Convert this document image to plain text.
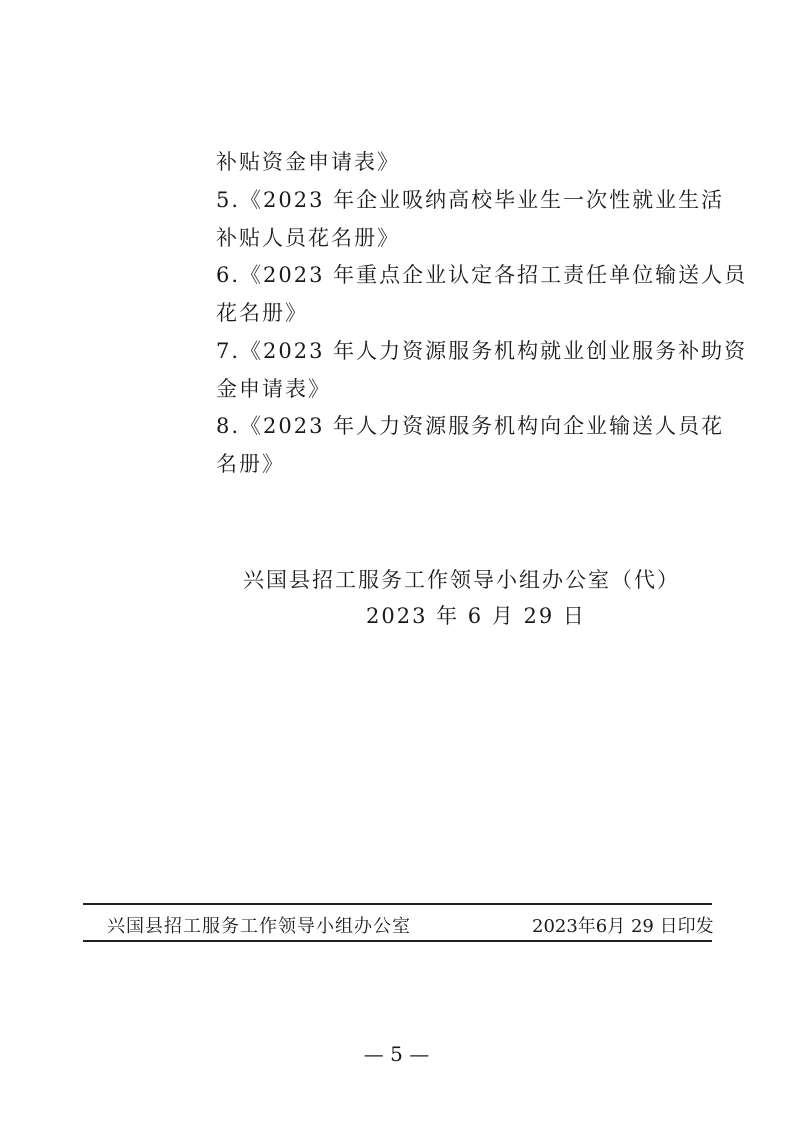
补贴资金申请表》
5.《2023 年企业吸纳高校毕业生一次性就业生活
补贴人员花名册》
6.《2023 年重点企业认定各招工责任单位输送人员
花名册》
7.《2023 年人力资源服务机构就业创业服务补助资
金申请表》
8.《2023 年人力资源服务机构向企业输送人员花
名册》
兴国县招工服务工作领导小组办公室（代）
2023 年 6 月 29 日
兴国县招工服务工作领导小组办公室	2023年6月 29 日印发
— 5 —
